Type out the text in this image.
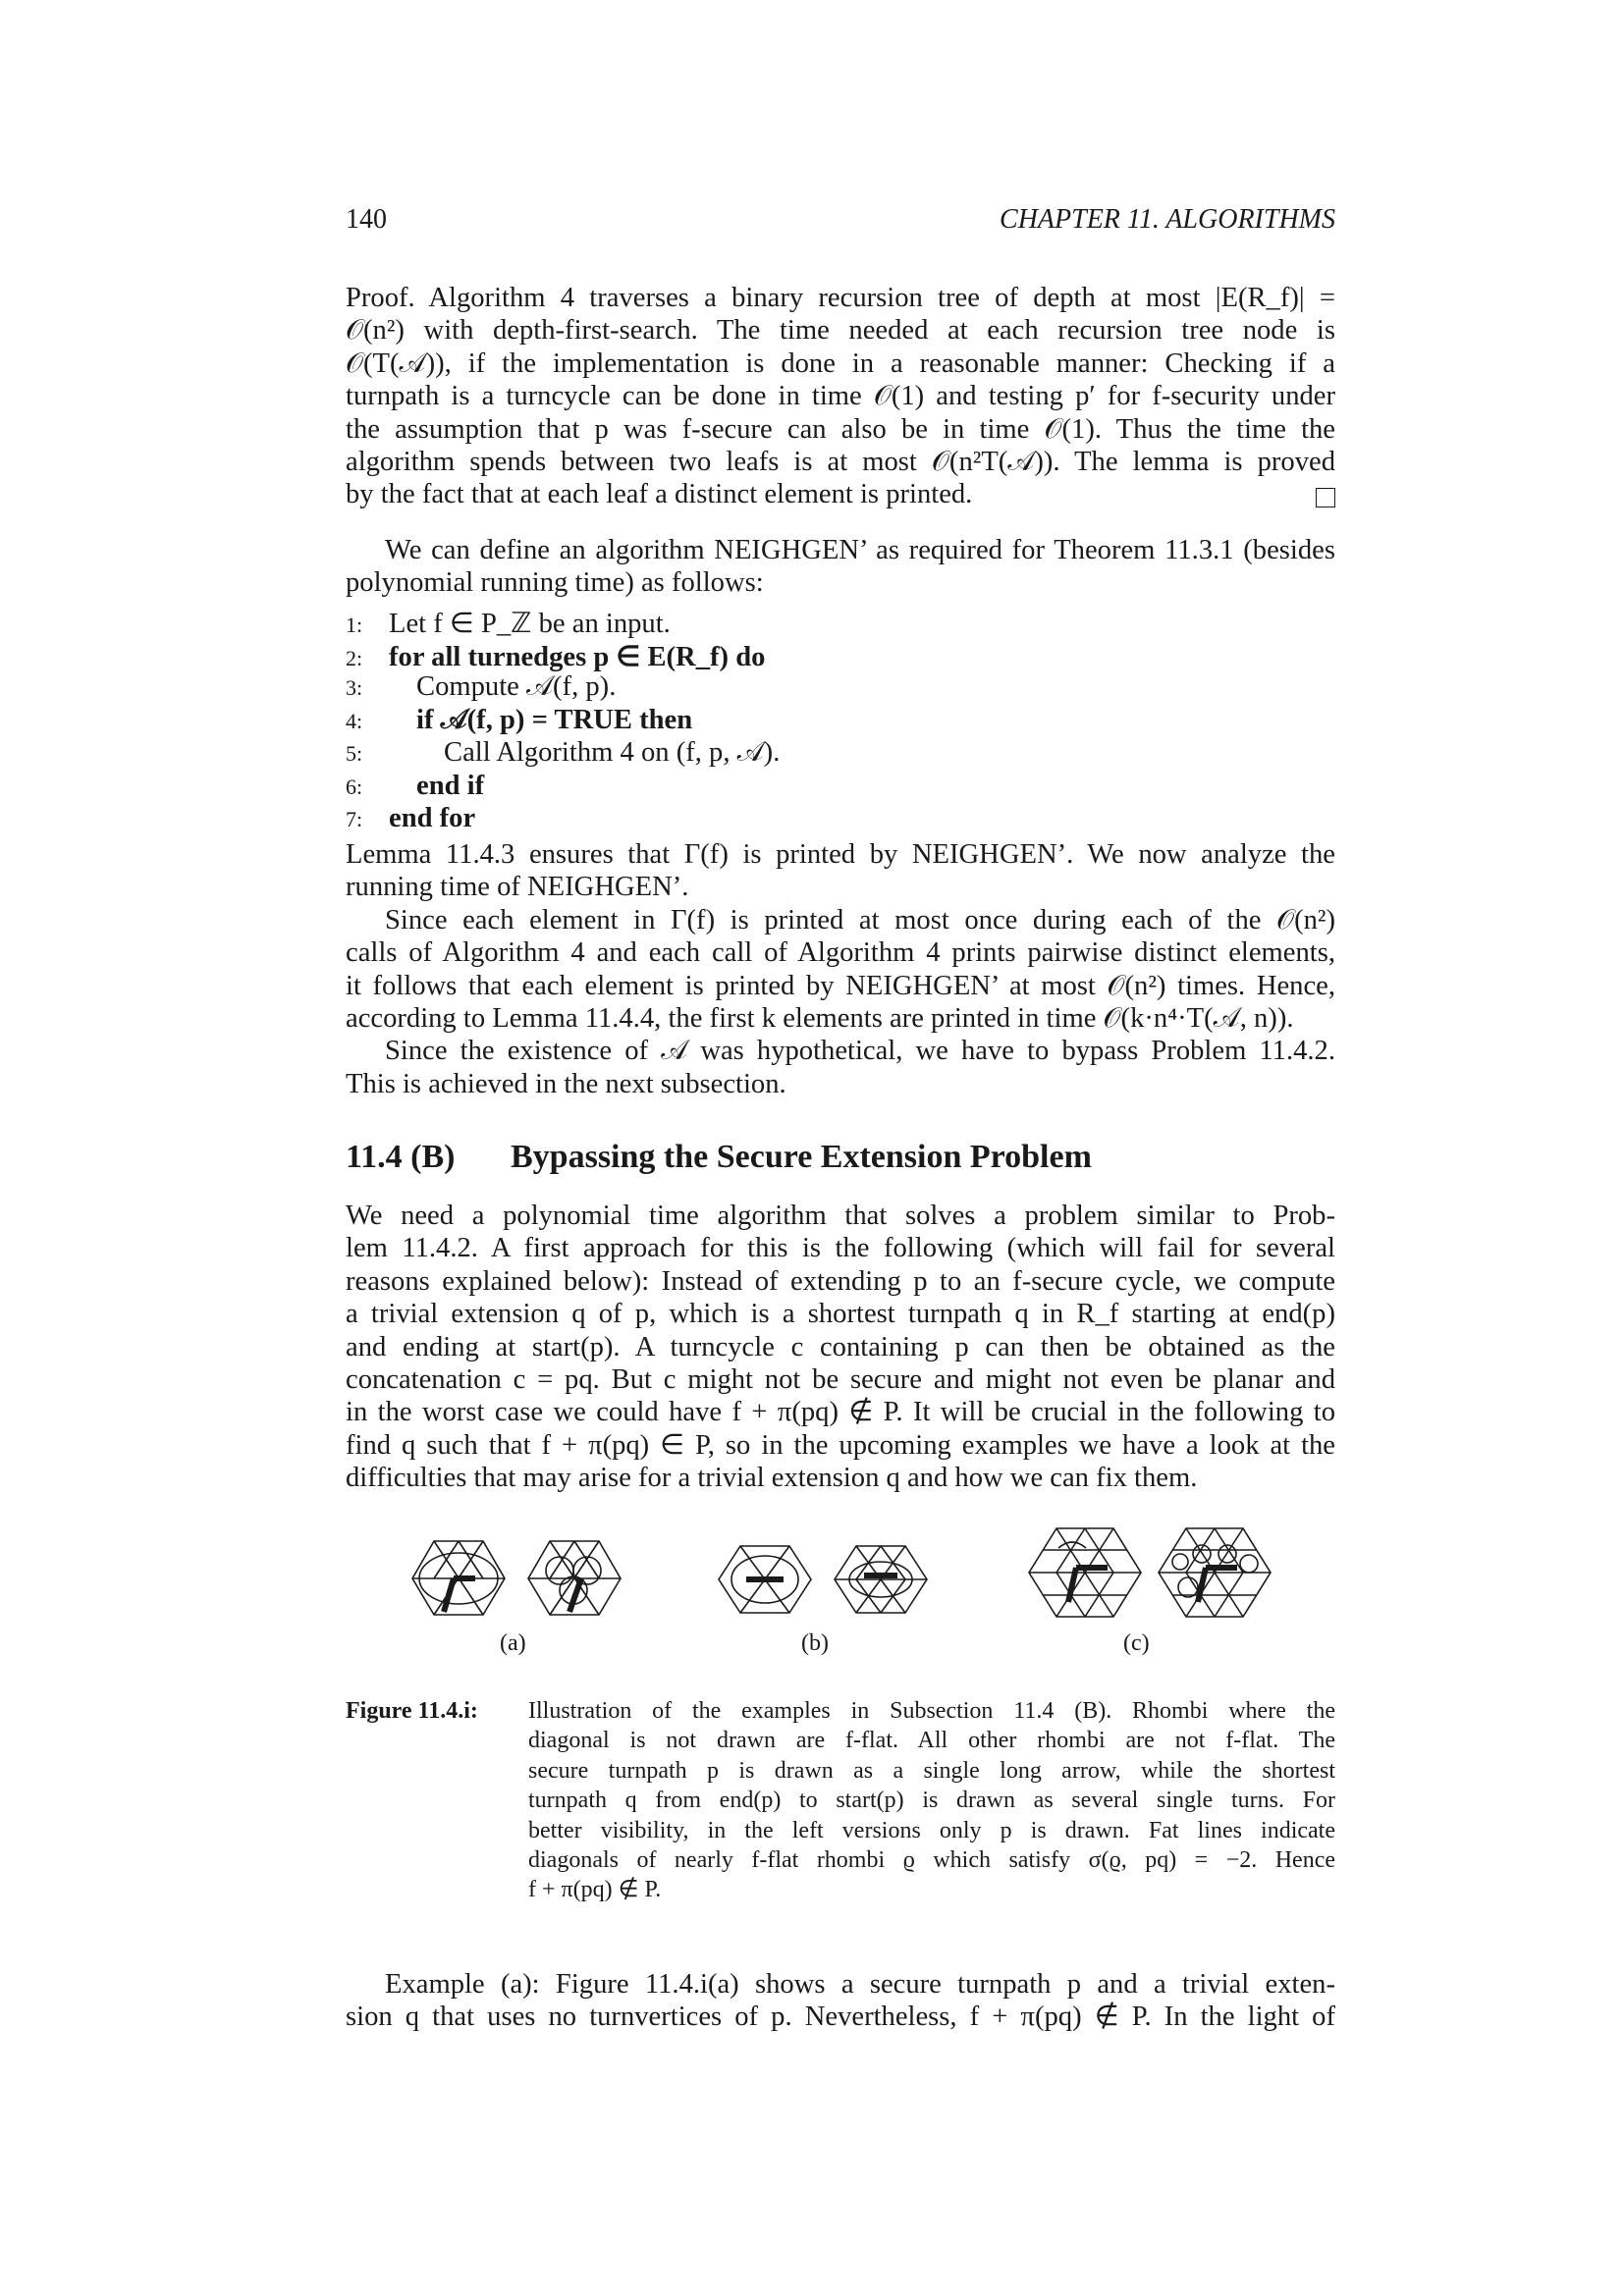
140	CHAPTER 11. ALGORITHMS
Proof. Algorithm 4 traverses a binary recursion tree of depth at most |E(R_f)| =
𝒪(n²) with depth-first-search. The time needed at each recursion tree node is
𝒪(T(𝒜)), if the implementation is done in a reasonable manner: Checking if a
turnpath is a turncycle can be done in time 𝒪(1) and testing p′ for f-security under
the assumption that p was f-secure can also be in time 𝒪(1). Thus the time the
algorithm spends between two leafs is at most 𝒪(n²T(𝒜)). The lemma is proved
by the fact that at each leaf a distinct element is printed.
We can define an algorithm NEIGHGEN’ as required for Theorem 11.3.1 (besides
polynomial running time) as follows:
1: Let f ∈ P_ℤ be an input.
2: for all turnedges p ∈ E(R_f) do
3: Compute 𝒜(f, p).
4: if 𝒜(f, p) = TRUE then
5:	Call Algorithm 4 on (f, p, 𝒜).
6: end if
7: end for
Lemma 11.4.3 ensures that Γ(f) is printed by NEIGHGEN’. We now analyze the
running time of NEIGHGEN’.
Since each element in Γ(f) is printed at most once during each of the 𝒪(n²)
calls of Algorithm 4 and each call of Algorithm 4 prints pairwise distinct elements,
it follows that each element is printed by NEIGHGEN’ at most 𝒪(n²) times. Hence,
according to Lemma 11.4.4, the first k elements are printed in time 𝒪(k·n⁴·T(𝒜, n)).
Since the existence of 𝒜 was hypothetical, we have to bypass Problem 11.4.2.
This is achieved in the next subsection.
11.4 (B) Bypassing the Secure Extension Problem
We need a polynomial time algorithm that solves a problem similar to Prob-
lem 11.4.2. A first approach for this is the following (which will fail for several
reasons explained below): Instead of extending p to an f-secure cycle, we compute
a trivial extension q of p, which is a shortest turnpath q in R_f starting at end(p)
and ending at start(p). A turncycle c containing p can then be obtained as the
concatenation c = pq. But c might not be secure and might not even be planar and
in the worst case we could have f + π(pq) ∉ P. It will be crucial in the following to
find q such that f + π(pq) ∈ P, so in the upcoming examples we have a look at the
difficulties that may arise for a trivial extension q and how we can fix them.
(a)	(b)	(c)
Figure 11.4.i: Illustration of the examples in Subsection 11.4 (B). Rhombi where the
diagonal is not drawn are f-flat. All other rhombi are not f-flat. The
secure turnpath p is drawn as a single long arrow, while the shortest
turnpath q from end(p) to start(p) is drawn as several single turns. For
better visibility, in the left versions only p is drawn. Fat lines indicate
diagonals of nearly f-flat rhombi ϱ which satisfy σ(ϱ, pq) = −2. Hence
f + π(pq) ∉ P.
Example (a): Figure 11.4.i(a) shows a secure turnpath p and a trivial exten-
sion q that uses no turnvertices of p. Nevertheless, f + π(pq) ∉ P. In the light of
